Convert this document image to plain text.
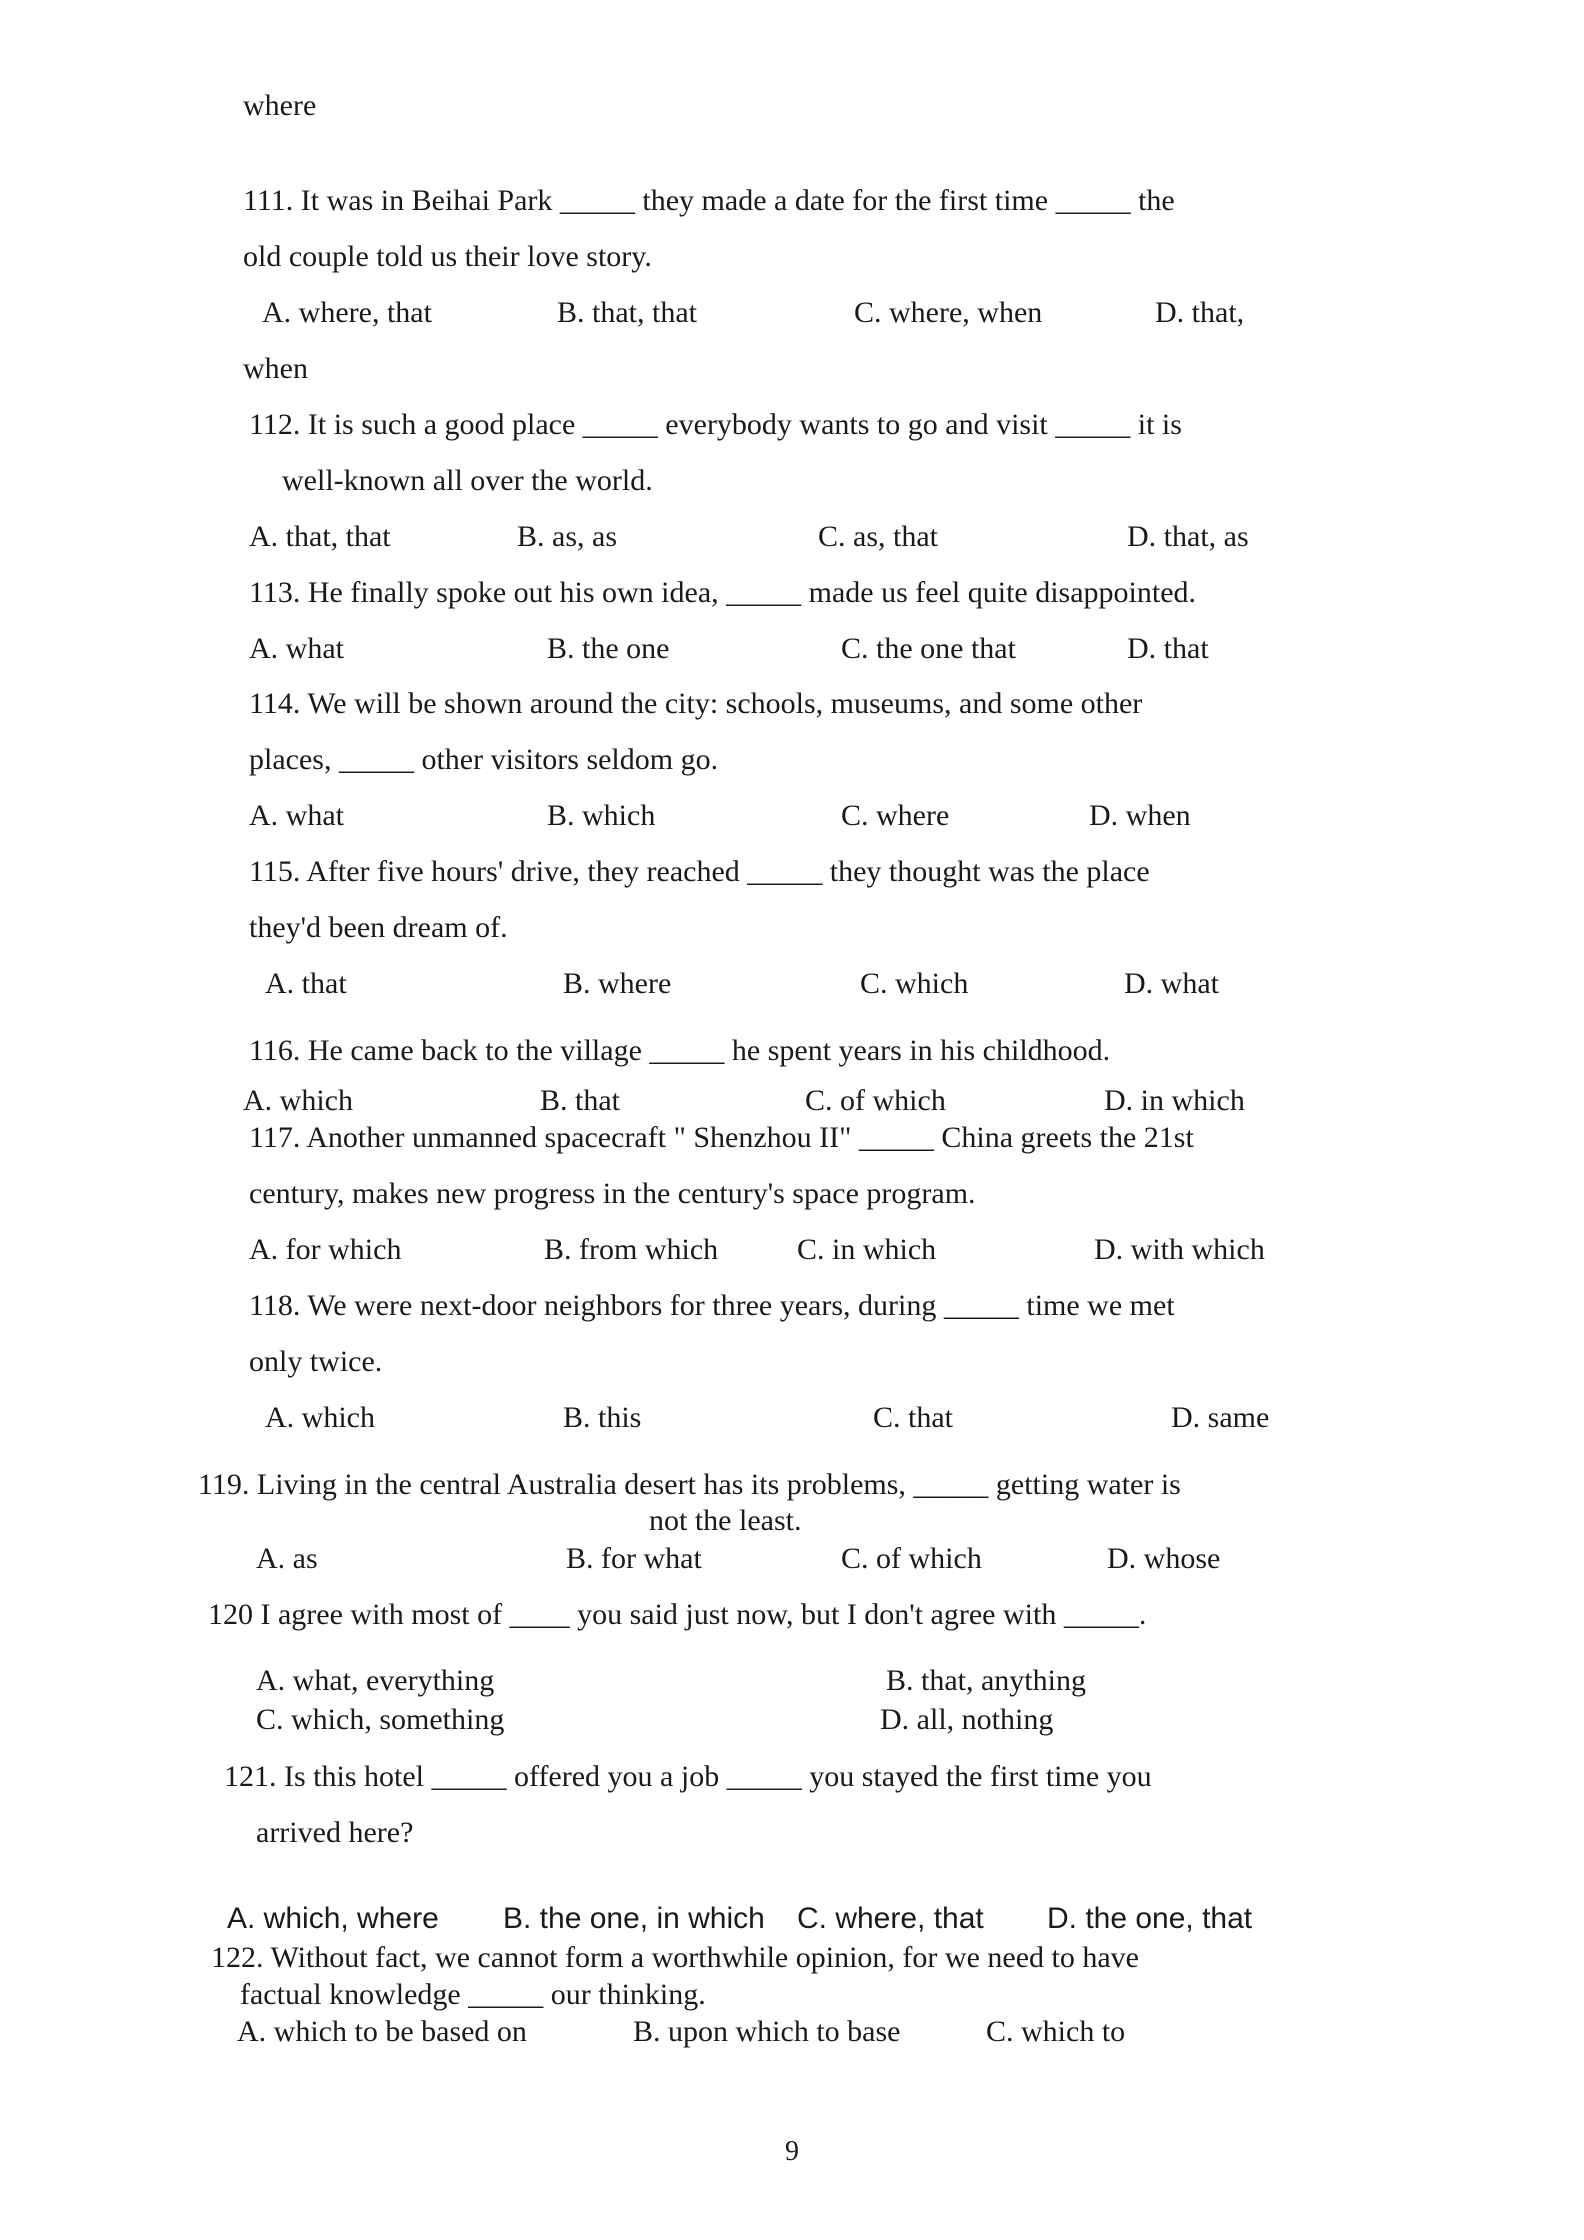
where
111. It was in Beihai Park _____ they made a date for the first time _____ the
old couple told us their love story.
A. where, that	B. that, that	C. where, when	D. that,
when
112. It is such a good place _____ everybody wants to go and visit _____ it is
well-known all over the world.
A. that, that	B. as, as	C. as, that	D. that, as
113. He finally spoke out his own idea, _____ made us feel quite disappointed.
A. what	B. the one	C. the one that	D. that
114. We will be shown around the city: schools, museums, and some other
places, _____ other visitors seldom go.
A. what	B. which	C. where	D. when
115. After five hours' drive, they reached _____ they thought was the place
they'd been dream of.
A. that	B. where	C. which	D. what
116. He came back to the village _____ he spent years in his childhood.
A. which	B. that	C. of which	D. in which
117. Another unmanned spacecraft " Shenzhou II" _____ China greets the 21st
century, makes new progress in the century's space program.
A. for which	B. from which	C. in which	D. with which
118. We were next-door neighbors for three years, during _____ time we met
only twice.
A. which	B. this	C. that	D. same
119. Living in the central Australia desert has its problems, _____ getting water is
not the least.
A. as	B. for what	C. of which	D. whose
120 I agree with most of ____ you said just now, but I don't agree with _____.
A. what, everything	B. that, anything
C. which, something	D. all, nothing
121. Is this hotel _____ offered you a job _____ you stayed the first time you
arrived here?
A. which, where B. the one, in which C. where, that D. the one, that
122. Without fact, we cannot form a worthwhile opinion, for we need to have
factual knowledge _____ our thinking.
A. which to be based on	B. upon which to base	C. which to
9
